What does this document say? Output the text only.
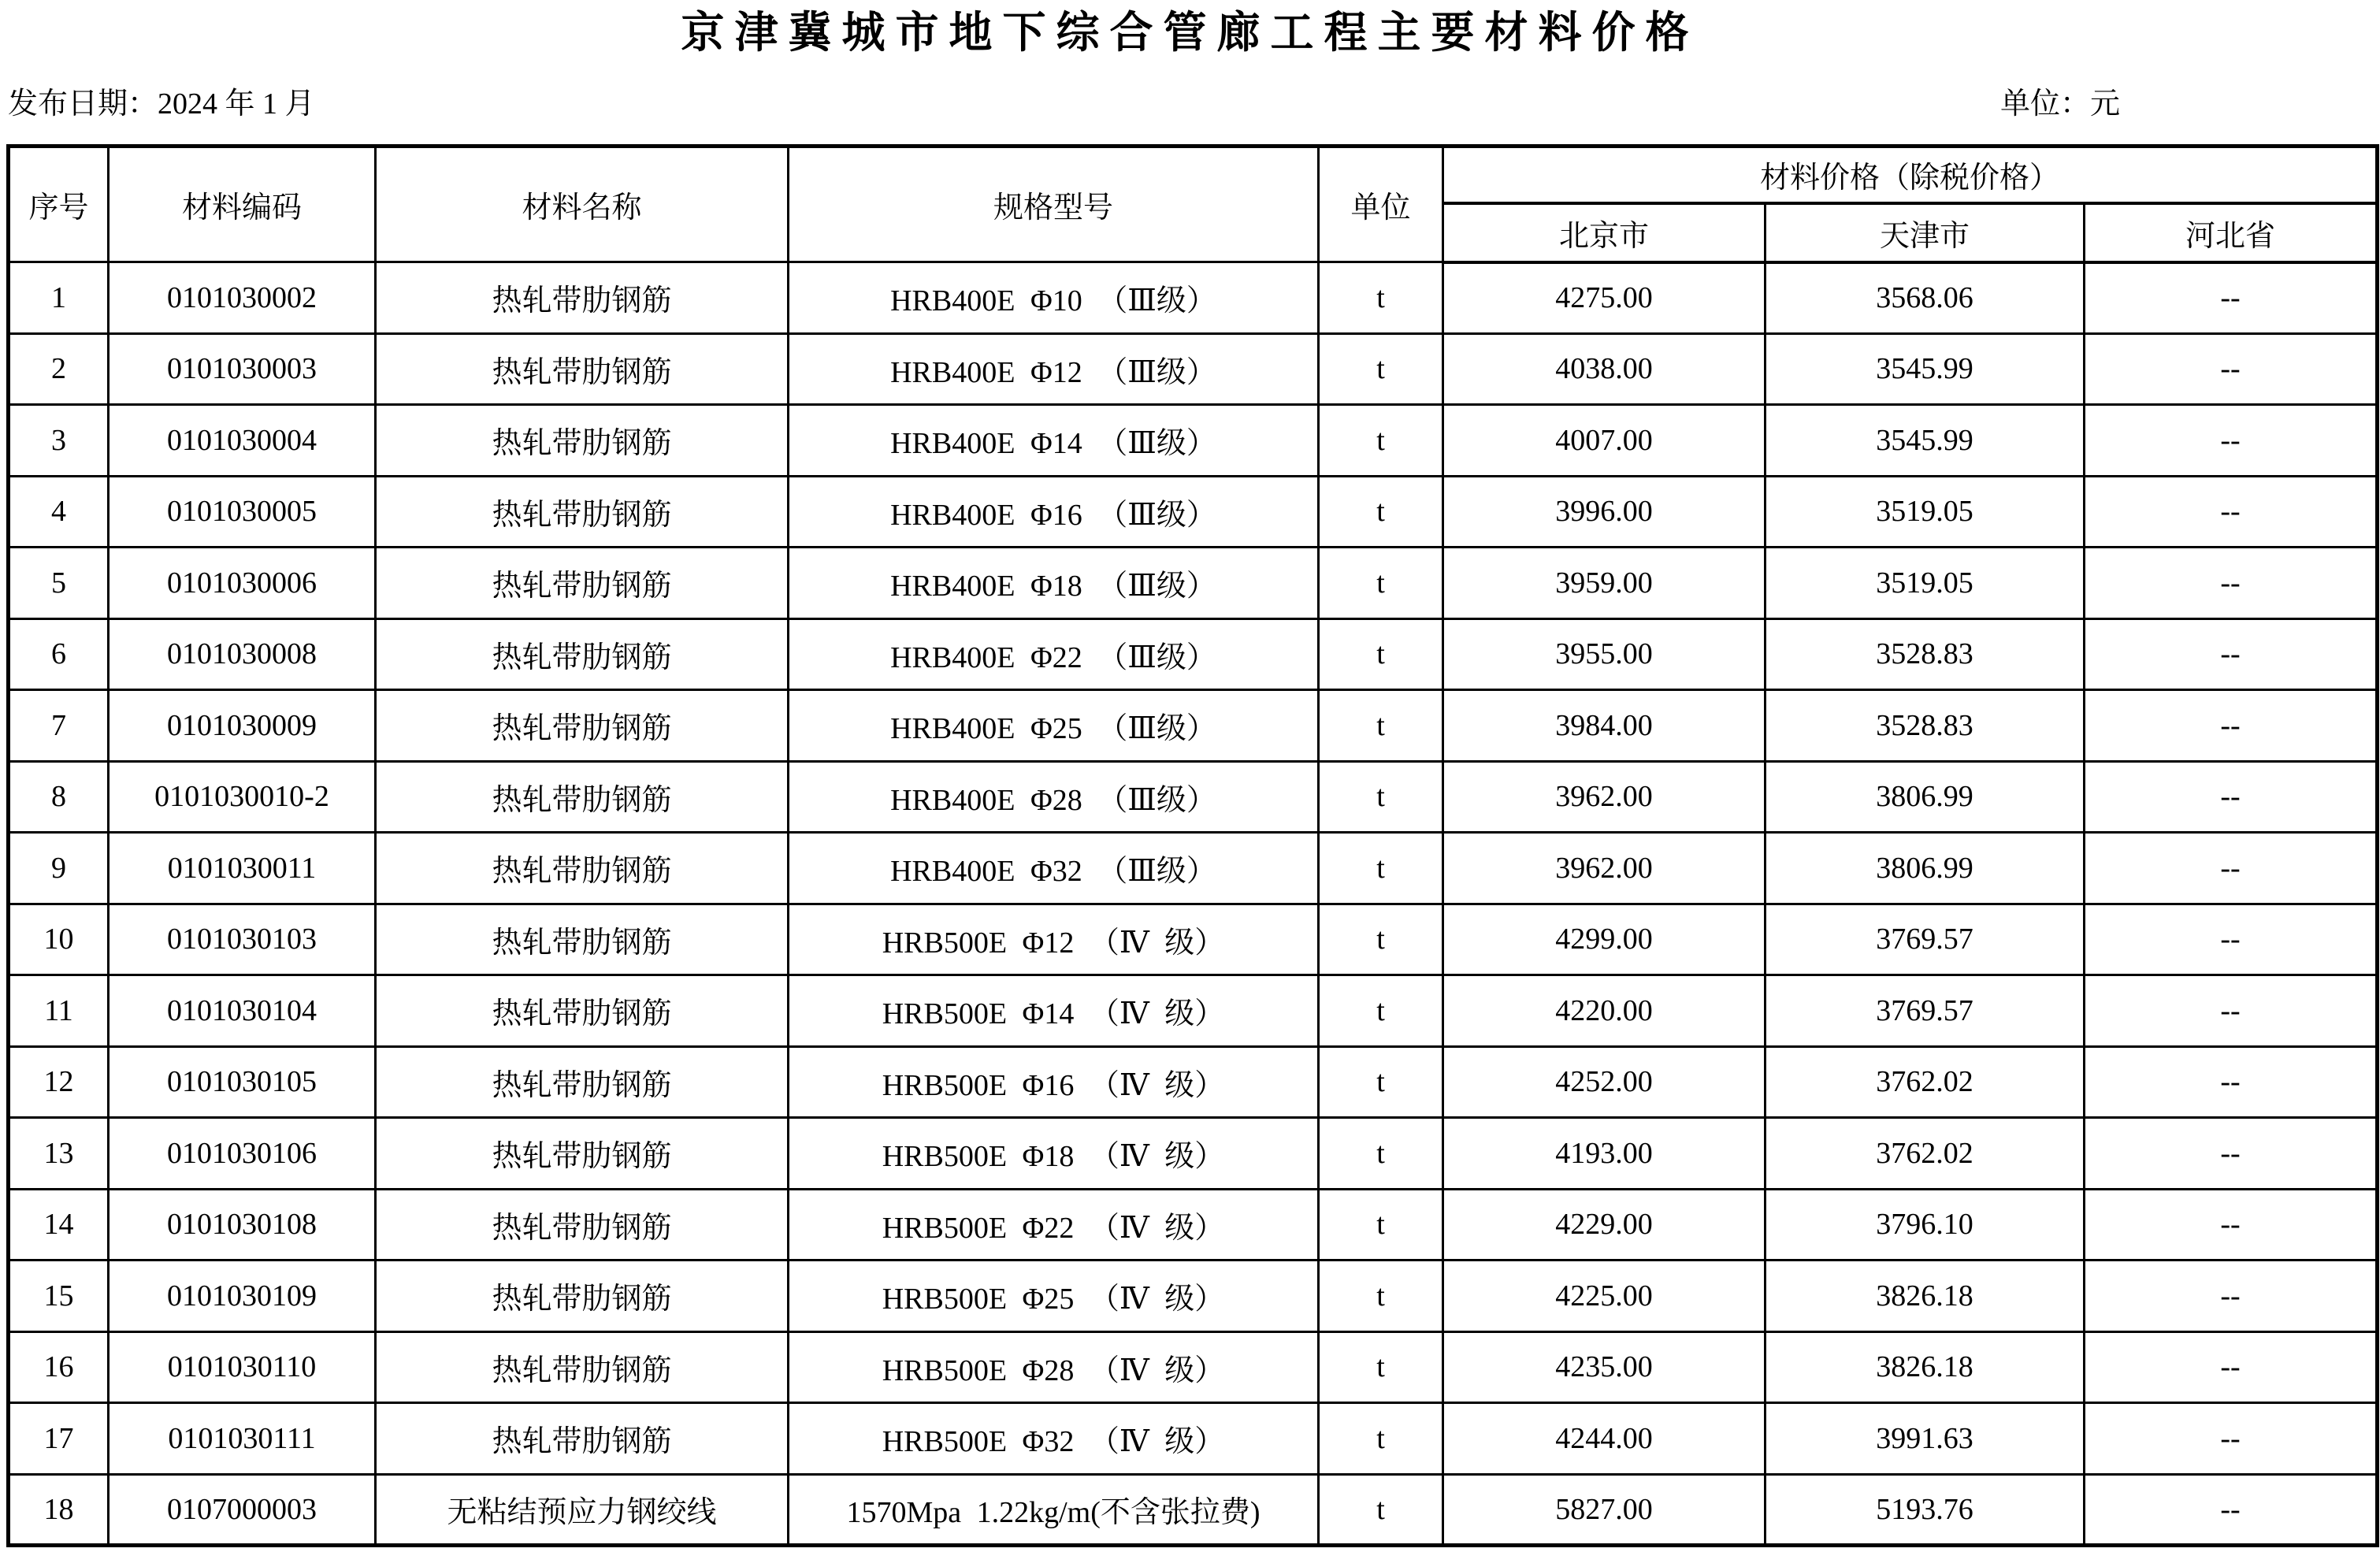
京津冀城市地下综合管廊工程主要材料价格
发布日期：2024 年 1 月	单位：元
序号	材料编码	材料名称	规格型号	单位	材料价格（除税价格）		
					北京市	天津市	河北省
1	0101030002	热轧带肋钢筋	HRB400E Φ10 （Ⅲ级）	t	4275.00	3568.06	--
2	0101030003	热轧带肋钢筋	HRB400E Φ12 （Ⅲ级）	t	4038.00	3545.99	--
3	0101030004	热轧带肋钢筋	HRB400E Φ14 （Ⅲ级）	t	4007.00	3545.99	--
4	0101030005	热轧带肋钢筋	HRB400E Φ16 （Ⅲ级）	t	3996.00	3519.05	--
5	0101030006	热轧带肋钢筋	HRB400E Φ18 （Ⅲ级）	t	3959.00	3519.05	--
6	0101030008	热轧带肋钢筋	HRB400E Φ22 （Ⅲ级）	t	3955.00	3528.83	--
7	0101030009	热轧带肋钢筋	HRB400E Φ25 （Ⅲ级）	t	3984.00	3528.83	--
8	0101030010-2	热轧带肋钢筋	HRB400E Φ28 （Ⅲ级）	t	3962.00	3806.99	--
9	0101030011	热轧带肋钢筋	HRB400E Φ32 （Ⅲ级）	t	3962.00	3806.99	--
10	0101030103	热轧带肋钢筋	HRB500E Φ12 （Ⅳ 级）	t	4299.00	3769.57	--
11	0101030104	热轧带肋钢筋	HRB500E Φ14 （Ⅳ 级）	t	4220.00	3769.57	--
12	0101030105	热轧带肋钢筋	HRB500E Φ16 （Ⅳ 级）	t	4252.00	3762.02	--
13	0101030106	热轧带肋钢筋	HRB500E Φ18 （Ⅳ 级）	t	4193.00	3762.02	--
14	0101030108	热轧带肋钢筋	HRB500E Φ22 （Ⅳ 级）	t	4229.00	3796.10	--
15	0101030109	热轧带肋钢筋	HRB500E Φ25 （Ⅳ 级）	t	4225.00	3826.18	--
16	0101030110	热轧带肋钢筋	HRB500E Φ28 （Ⅳ 级）	t	4235.00	3826.18	--
17	0101030111	热轧带肋钢筋	HRB500E Φ32 （Ⅳ 级）	t	4244.00	3991.63	--
18	0107000003	无粘结预应力钢绞线	1570Mpa 1.22kg/m(不含张拉费)	t	5827.00	5193.76	--
